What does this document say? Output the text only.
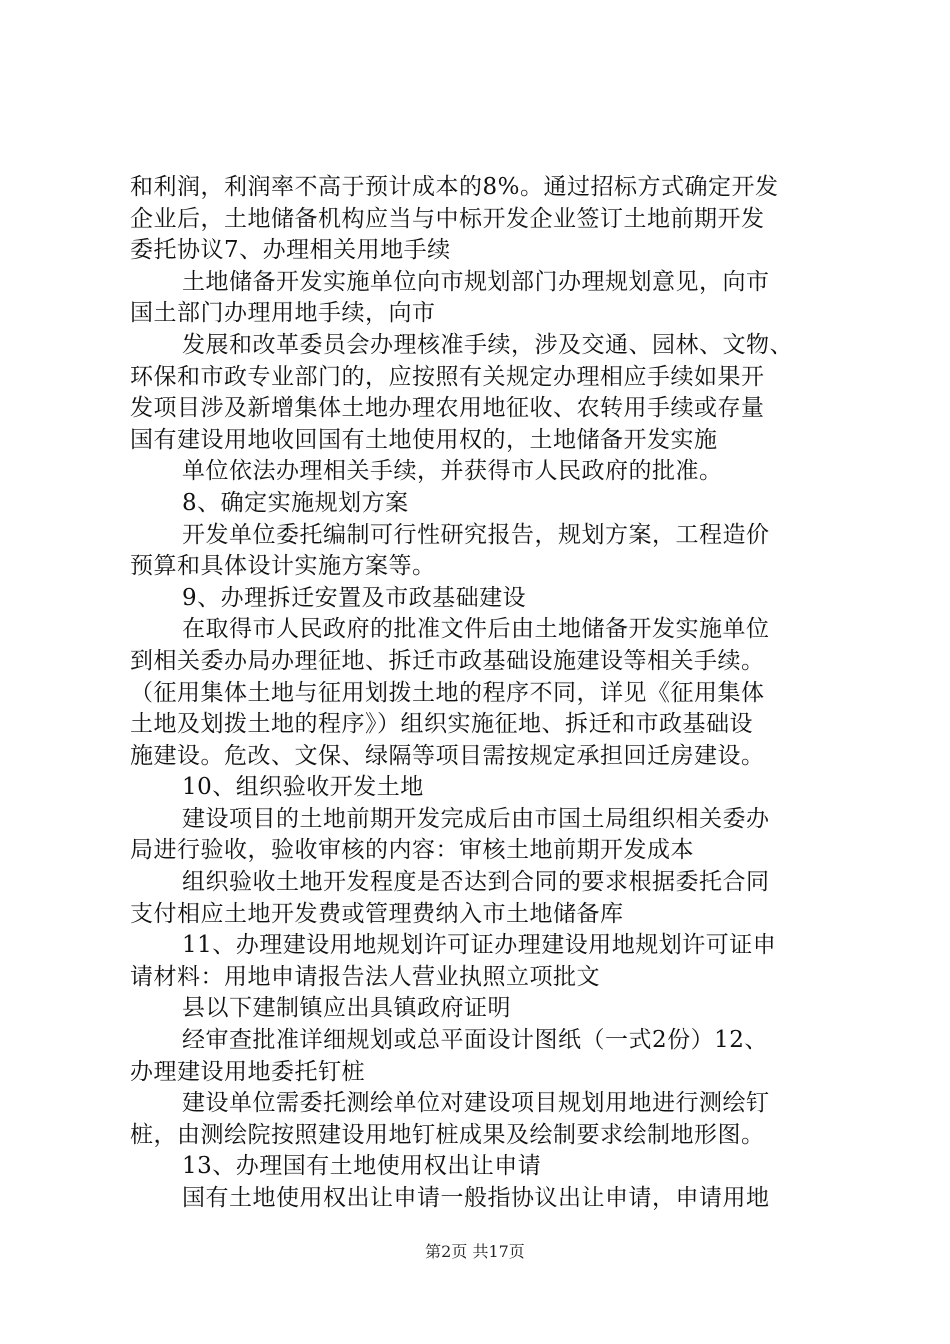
和利润，利润率不高于预计成本的8%。通过招标方式确定开发
企业后，土地储备机构应当与中标开发企业签订土地前期开发
委托协议7、办理相关用地手续
土地储备开发实施单位向市规划部门办理规划意见，向市
国土部门办理用地手续，向市
发展和改革委员会办理核准手续，涉及交通、园林、文物、
环保和市政专业部门的，应按照有关规定办理相应手续如果开
发项目涉及新增集体土地办理农用地征收、农转用手续或存量
国有建设用地收回国有土地使用权的，土地储备开发实施
单位依法办理相关手续，并获得市人民政府的批准。
8、确定实施规划方案
开发单位委托编制可行性研究报告，规划方案，工程造价
预算和具体设计实施方案等。
9、办理拆迁安置及市政基础建设
在取得市人民政府的批准文件后由土地储备开发实施单位
到相关委办局办理征地、拆迁市政基础设施建设等相关手续。
（征用集体土地与征用划拨土地的程序不同，详见《征用集体
土地及划拨土地的程序》）组织实施征地、拆迁和市政基础设
施建设。危改、文保、绿隔等项目需按规定承担回迁房建设。
10、组织验收开发土地
建设项目的土地前期开发完成后由市国土局组织相关委办
局进行验收，验收审核的内容：审核土地前期开发成本
组织验收土地开发程度是否达到合同的要求根据委托合同
支付相应土地开发费或管理费纳入市土地储备库
11、办理建设用地规划许可证办理建设用地规划许可证申
请材料：用地申请报告法人营业执照立项批文
县以下建制镇应出具镇政府证明
经审查批准详细规划或总平面设计图纸（一式2份）12、
办理建设用地委托钉桩
建设单位需委托测绘单位对建设项目规划用地进行测绘钉
桩，由测绘院按照建设用地钉桩成果及绘制要求绘制地形图。
13、办理国有土地使用权出让申请
国有土地使用权出让申请一般指协议出让申请，申请用地
第2页 共17页
